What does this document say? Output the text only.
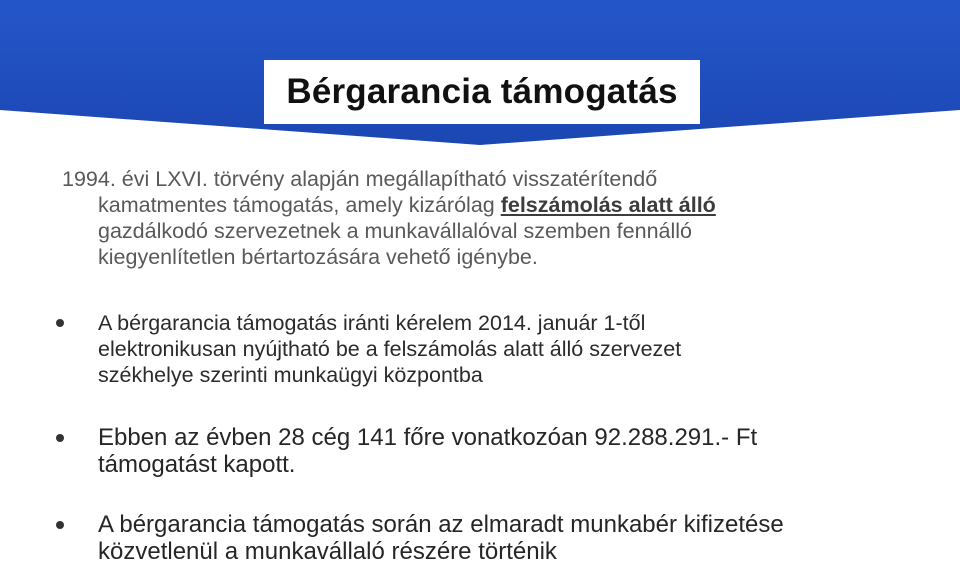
Bérgarancia támogatás

1994. évi LXVI. törvény alapján megállapítható visszatérítendő
kamatmentes támogatás, amely kizárólag felszámolás alatt álló
gazdálkodó szervezetnek a munkavállalóval szemben fennálló
kiegyenlítetlen bértartozására vehető igénybe.

A bérgarancia támogatás iránti kérelem 2014. január 1-től
elektronikusan nyújtható be a felszámolás alatt álló szervezet
székhelye szerinti munkaügyi központba

Ebben az évben 28 cég 141 főre vonatkozóan 92.288.291.- Ft
támogatást kapott.

A bérgarancia támogatás során az elmaradt munkabér kifizetése
közvetlenül a munkavállaló részére történik
